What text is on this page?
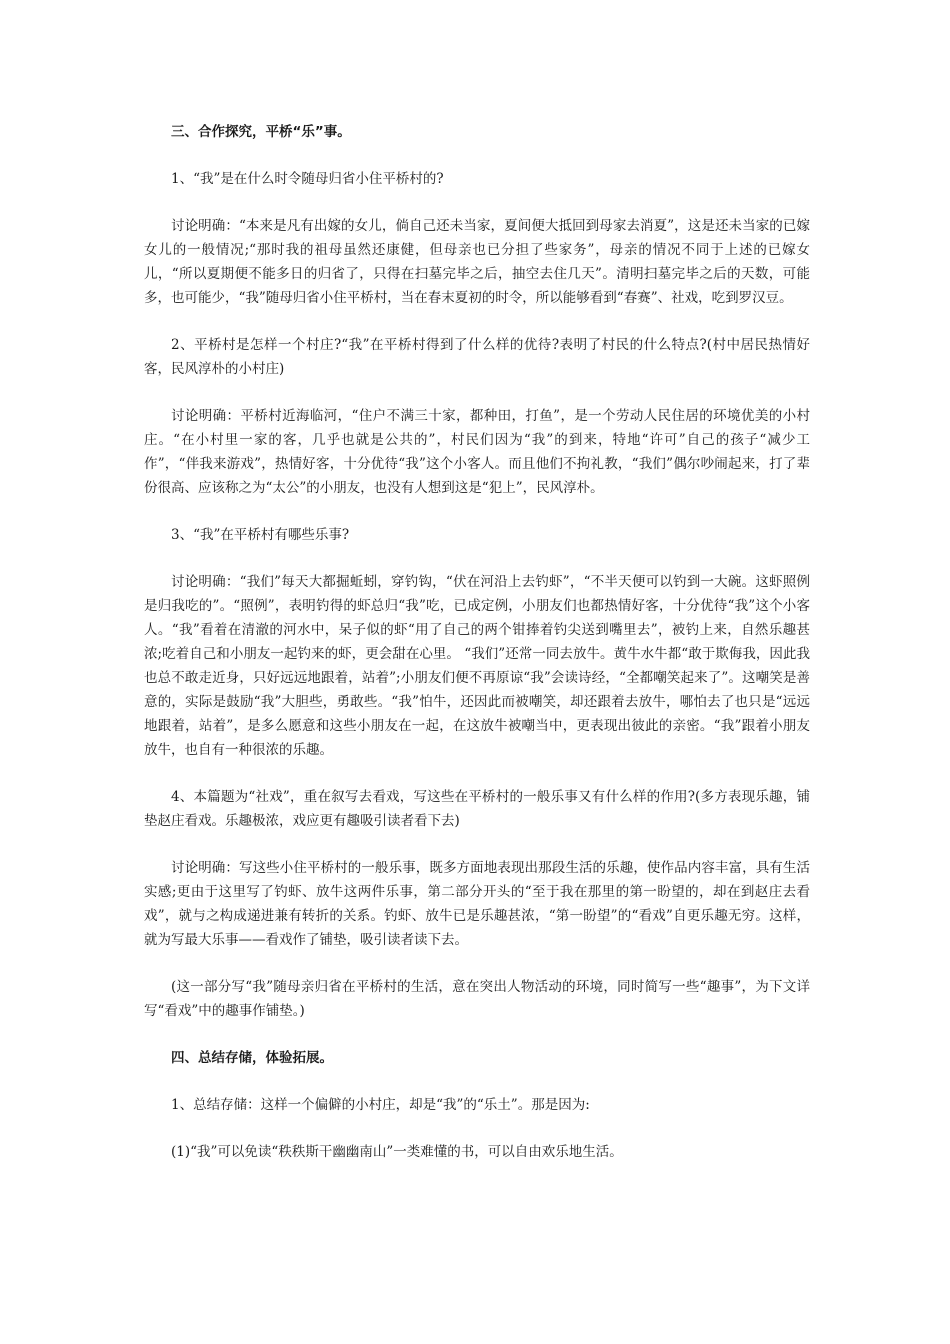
三、合作探究，平桥“乐”事。

1、“我”是在什么时令随母归省小住平桥村的?

讨论明确：“本来是凡有出嫁的女儿，倘自己还未当家，夏间便大抵回到母家去消夏”，这是还未当家的已嫁女儿的一般情况;“那时我的祖母虽然还康健，但母亲也已分担了些家务”，母亲的情况不同于上述的已嫁女儿，“所以夏期便不能多日的归省了，只得在扫墓完毕之后，抽空去住几天”。清明扫墓完毕之后的天数，可能多，也可能少，“我”随母归省小住平桥村，当在春末夏初的时令，所以能够看到“春赛”、社戏，吃到罗汉豆。

2、平桥村是怎样一个村庄?“我”在平桥村得到了什么样的优待?表明了村民的什么特点?(村中居民热情好客，民风淳朴的小村庄)

讨论明确：平桥村近海临河，“住户不满三十家，都种田，打鱼”，是一个劳动人民住居的环境优美的小村庄。“在小村里一家的客，几乎也就是公共的”，村民们因为“我”的到来，特地“许可”自己的孩子“减少工作”，“伴我来游戏”，热情好客，十分优待“我”这个小客人。而且他们不拘礼教，“我们”偶尔吵闹起来，打了辈份很高、应该称之为“太公”的小朋友，也没有人想到这是“犯上”，民风淳朴。

3、“我”在平桥村有哪些乐事?

讨论明确：“我们”每天大都掘蚯蚓，穿钓钩，“伏在河沿上去钓虾”，“不半天便可以钓到一大碗。这虾照例是归我吃的”。“照例”，表明钓得的虾总归“我”吃，已成定例，小朋友们也都热情好客，十分优待“我”这个小客人。“我”看着在清澈的河水中，呆子似的虾“用了自己的两个钳捧着钓尖送到嘴里去”，被钓上来，自然乐趣甚浓;吃着自己和小朋友一起钓来的虾，更会甜在心里。 “我们”还常一同去放牛。黄牛水牛都“敢于欺侮我，因此我也总不敢走近身，只好远远地跟着，站着”;小朋友们便不再原谅“我”会读诗经，“全都嘲笑起来了”。这嘲笑是善意的，实际是鼓励“我”大胆些，勇敢些。“我”怕牛，还因此而被嘲笑，却还跟着去放牛，哪怕去了也只是“远远地跟着，站着”，是多么愿意和这些小朋友在一起，在这放牛被嘲当中，更表现出彼此的亲密。“我”跟着小朋友放牛，也自有一种很浓的乐趣。

4、本篇题为“社戏”，重在叙写去看戏，写这些在平桥村的一般乐事又有什么样的作用?(多方表现乐趣，铺垫赵庄看戏。乐趣极浓，戏应更有趣吸引读者看下去)

讨论明确：写这些小住平桥村的一般乐事，既多方面地表现出那段生活的乐趣，使作品内容丰富，具有生活实感;更由于这里写了钓虾、放牛这两件乐事，第二部分开头的“至于我在那里的第一盼望的，却在到赵庄去看戏”，就与之构成递进兼有转折的关系。钓虾、放牛已是乐趣甚浓，“第一盼望”的“看戏”自更乐趣无穷。这样，就为写最大乐事——看戏作了铺垫，吸引读者读下去。

(这一部分写“我”随母亲归省在平桥村的生活，意在突出人物活动的环境，同时简写一些“趣事”，为下文详写“看戏”中的趣事作铺垫。)

四、总结存储，体验拓展。

1、总结存储：这样一个偏僻的小村庄，却是“我”的“乐土”。那是因为:

(1)“我”可以免读“秩秩斯干幽幽南山”一类难懂的书，可以自由欢乐地生活。
